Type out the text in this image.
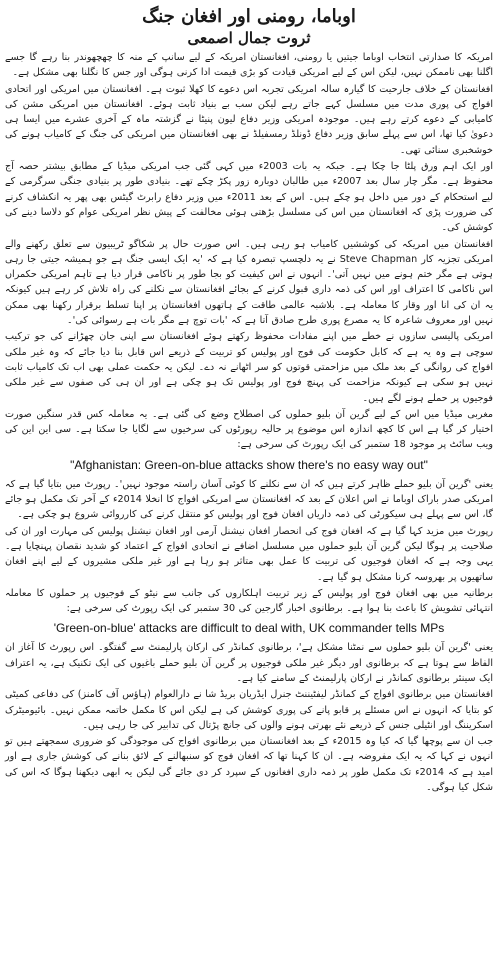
اوباما، رومنی اور افغان جنگ
ثروت جمال اصمعی

امریکہ کا صدارتی انتخاب اوباما جیتیں یا رومنی، افغانستان امریکہ کے لیے سانپ کے منہ کا چھچھوندر بنا رہے گا جسے اگلنا بھی ناممکن نہیں، لیکن اس کے لیے امریکی قیادت کو بڑی قیمت ادا کرنی ہوگی اور جس کا نگلنا بھی مشکل ہے۔

افغانستان کے خلاف جارحیت کا گیارہ سالہ امریکی تجربہ اس دعوے کا کھلا ثبوت ہے۔ افغانستان میں امریکی اور اتحادی افواج کی پوری مدت میں مسلسل کہے جاتے رہے لیکن سب بے بنیاد ثابت ہوئے۔ افغانستان میں امریکی مشن کی کامیابی کے دعوے کرتے رہے ہیں۔ موجودہ امریکی وزیر دفاع لیون پنیٹا نے گزشتہ ماہ کے آخری عشرے میں ایسا ہی دعویٰ کیا تھا، اس سے پہلے سابق وزیر دفاع ڈونلڈ رمسفیلڈ نے بھی افغانستان میں امریکی کی جنگ کے کامیاب ہونے کی خوشخبری سنائی تھی۔

اور ایک اہم ورق پلٹا جا چکا ہے۔ جبکہ یہ بات 2003ء میں کہی گئی جب امریکی میڈیا کے مطابق بیشتر حصہ آج محفوظ ہے۔ مگر چار سال بعد 2007ء میں طالبان دوبارہ زور پکڑ چکے تھے۔ بنیادی طور پر بنیادی جنگی سرگرمی کے لیے استحکام کے دور میں داخل ہو چکے ہیں۔ اس کے بعد 2011ء میں وزیر دفاع رابرٹ گیٹس بھی پھر یہ انکشاف کرنے کی ضرورت پڑی کہ افغانستان میں اس کی مسلسل بڑھتی ہوئی مخالفت کے پیش نظر امریکی عوام کو دلاسا دینے کی کوشش کی۔

افغانستان میں امریکہ کی کوششیں کامیاب ہو رہی ہیں۔ اس صورت حال پر شکاگو ٹریبیون سے تعلق رکھنے والے امریکی تجزیہ کار Steve Chapman نے یہ دلچسپ تبصرہ کیا ہے کہ 'یہ ایک ایسی جنگ ہے جو ہمیشہ جیتی جا رہی ہوتی ہے مگر ختم ہونے میں نہیں آتی'۔ انہوں نے اس کیفیت کو بجا طور پر ناکامی قرار دیا ہے تاہم امریکی حکمراں اس ناکامی کا اعتراف اور اس کی ذمہ داری قبول کرنے کے بجائے افغانستان سے نکلنے کی راہ تلاش کر رہے ہیں کیونکہ یہ ان کی انا اور وقار کا معاملہ ہے۔ بلاشبہ عالمی طاقت کے ہاتھوں افغانستان پر اپنا تسلط برقرار رکھنا بھی ممکن نہیں اور معروف شاعرہ کا یہ مصرع پوری طرح صادق آتا ہے کہ 'بات توچ ہے مگر بات ہے رسوائی کی'۔

امریکی پالیسی سازوں نے خطے میں اپنے مفادات محفوظ رکھتے ہوئے افغانستان سے اپنی جان چھڑانے کی جو ترکیب سوچی ہے وہ یہ ہے کہ کابل حکومت کی فوج اور پولیس کو تربیت کے ذریعے اس قابل بنا دیا جائے کہ وہ غیر ملکی افواج کی روانگی کے بعد ملک میں مزاحمتی قوتوں کو سر اٹھانے نہ دے۔ لیکن یہ حکمت عملی بھی اب تک کامیاب ثابت نہیں ہو سکی ہے کیونکہ مزاحمت کی پہنچ فوج اور پولیس تک ہو چکی ہے اور ان ہی کی صفوں سے غیر ملکی فوجیوں پر حملے ہونے لگے ہیں۔

مغربی میڈیا میں اس کے لیے گرین آن بلیو حملوں کی اصطلاح وضع کی گئی ہے۔ یہ معاملہ کس قدر سنگین صورت اختیار کر گیا ہے اس کا کچھ اندازہ اس موضوع پر حالیہ رپورٹوں کی سرخیوں سے لگایا جا سکتا ہے۔ سی این این کی ویب سائٹ پر موجود 18 ستمبر کی ایک رپورٹ کی سرخی ہے:

"Afghanistan: Green-on-blue attacks show there's no easy way out"

یعنی 'گرین آن بلیو حملے ظاہر کرتے ہیں کہ ان سے نکلنے کا کوئی آسان راستہ موجود نہیں'۔ رپورٹ میں بتایا گیا ہے کہ امریکی صدر باراک اوباما نے اس اعلان کے بعد کہ افغانستان سے امریکی افواج کا انخلا 2014ء کے آخر تک مکمل ہو جائے گا، اس سے پہلے ہی سیکورٹی کی ذمہ داریاں افغان فوج اور پولیس کو منتقل کرنے کی کارروائی شروع ہو چکی ہے۔

رپورٹ میں مزید کہا گیا ہے کہ افغان فوج کی انحصار افغان نیشنل آرمی اور افغان نیشنل پولیس کی مہارت اور ان کی صلاحیت پر ہوگا لیکن گرین آن بلیو حملوں میں مسلسل اضافے نے اتحادی افواج کے اعتماد کو شدید نقصان پہنچایا ہے۔ یہی وجہ ہے کہ افغان فوجیوں کی تربیت کا عمل بھی متاثر ہو رہا ہے اور غیر ملکی مشیروں کے لیے اپنے افغان ساتھیوں پر بھروسہ کرنا مشکل ہو گیا ہے۔

برطانیہ میں بھی افغان فوج اور پولیس کے زیر تربیت اہلکاروں کی جانب سے نیٹو کے فوجیوں پر حملوں کا معاملہ انتہائی تشویش کا باعث بنا ہوا ہے۔ برطانوی اخبار گارجین کی 30 ستمبر کی ایک رپورٹ کی سرخی ہے:

'Green-on-blue' attacks are difficult to deal with, UK commander tells MPs

یعنی 'گرین آن بلیو حملوں سے نمٹنا مشکل ہے'، برطانوی کمانڈر کی ارکان پارلیمنٹ سے گفتگو۔ اس رپورٹ کا آغاز ان الفاظ سے ہوتا ہے کہ برطانوی اور دیگر غیر ملکی فوجیوں پر گرین آن بلیو حملے باغیوں کی ایک تکنیک ہے، یہ اعتراف ایک سینئر برطانوی کمانڈر نے ارکان پارلیمنٹ کے سامنے کیا ہے۔

افغانستان میں برطانوی افواج کے کمانڈر لیفٹیننٹ جنرل ایڈریان بریڈ شا نے دارالعوام (ہاؤس آف کامنز) کی دفاعی کمیٹی کو بتایا کہ انہوں نے اس مسئلے پر قابو پانے کی پوری کوشش کی ہے لیکن اس کا مکمل خاتمہ ممکن نہیں۔ بائیومیٹرک اسکریننگ اور انٹیلی جنس کے ذریعے نئے بھرتی ہونے والوں کی جانچ پڑتال کی تدابیر کی جا رہی ہیں۔

جب ان سے پوچھا گیا کہ کیا وہ 2015ء کے بعد افغانستان میں برطانوی افواج کی موجودگی کو ضروری سمجھتے ہیں تو انہوں نے کہا کہ یہ ایک مفروضہ ہے۔ ان کا کہنا تھا کہ افغان فوج کو سنبھالنے کے لائق بنانے کی کوشش جاری ہے اور امید ہے کہ 2014ء تک مکمل طور پر ذمہ داری افغانوں کے سپرد کر دی جائے گی لیکن یہ ابھی دیکھنا ہوگا کہ اس کی شکل کیا ہوگی۔
